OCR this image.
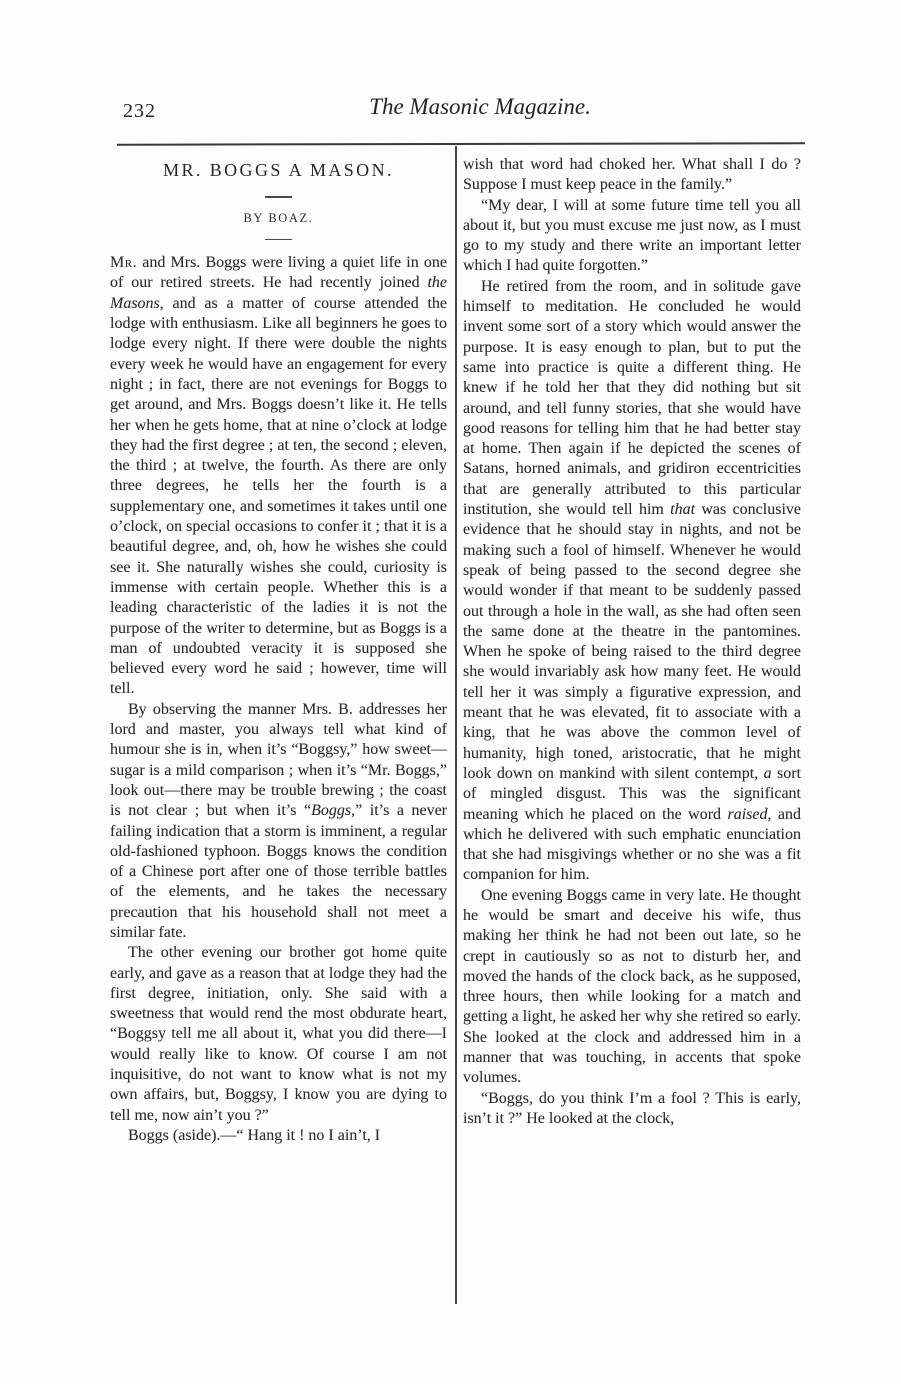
232	The Masonic Magazine.
MR. BOGGS A MASON.
BY BOAZ.

Mr. and Mrs. Boggs were living a quiet life in one of our retired streets. He had recently joined the Masons, and as a matter of course attended the lodge with enthusiasm. Like all beginners he goes to lodge every night. If there were double the nights every week he would have an engagement for every night ; in fact, there are not evenings for Boggs to get around, and Mrs. Boggs doesn’t like it. He tells her when he gets home, that at nine o’clock at lodge they had the first degree ; at ten, the second ; eleven, the third ; at twelve, the fourth. As there are only three degrees, he tells her the fourth is a supplementary one, and sometimes it takes until one o’clock, on special occasions to confer it ; that it is a beautiful degree, and, oh, how he wishes she could see it. She naturally wishes she could, curiosity is immense with certain people. Whether this is a leading characteristic of the ladies it is not the purpose of the writer to determine, but as Boggs is a man of undoubted veracity it is supposed she believed every word he said ; however, time will tell.

By observing the manner Mrs. B. addresses her lord and master, you always tell what kind of humour she is in, when it’s “Boggsy,” how sweet—sugar is a mild comparison ; when it’s “Mr. Boggs,” look out—there may be trouble brewing ; the coast is not clear ; but when it’s “Boggs,” it’s a never failing indication that a storm is imminent, a regular old-fashioned typhoon. Boggs knows the condition of a Chinese port after one of those terrible battles of the elements, and he takes the necessary precaution that his household shall not meet a similar fate.

The other evening our brother got home quite early, and gave as a reason that at lodge they had the first degree, initiation, only. She said with a sweetness that would rend the most obdurate heart, “Boggsy tell me all about it, what you did there—I would really like to know. Of course I am not inquisitive, do not want to know what is not my own affairs, but, Boggsy, I know you are dying to tell me, now ain’t you ?”

Boggs (aside).—“ Hang it ! no I ain’t, I

wish that word had choked her. What shall I do ? Suppose I must keep peace in the family.”

“My dear, I will at some future time tell you all about it, but you must excuse me just now, as I must go to my study and there write an important letter which I had quite forgotten.”

He retired from the room, and in solitude gave himself to meditation. He concluded he would invent some sort of a story which would answer the purpose. It is easy enough to plan, but to put the same into practice is quite a different thing. He knew if he told her that they did nothing but sit around, and tell funny stories, that she would have good reasons for telling him that he had better stay at home. Then again if he depicted the scenes of Satans, horned animals, and gridiron eccentricities that are generally attributed to this particular institution, she would tell him that was conclusive evidence that he should stay in nights, and not be making such a fool of himself. Whenever he would speak of being passed to the second degree she would wonder if that meant to be suddenly passed out through a hole in the wall, as she had often seen the same done at the theatre in the pantomines. When he spoke of being raised to the third degree she would invariably ask how many feet. He would tell her it was simply a figurative expression, and meant that he was elevated, fit to associate with a king, that he was above the common level of humanity, high toned, aristocratic, that he might look down on mankind with silent contempt, a sort of mingled disgust. This was the significant meaning which he placed on the word raised, and which he delivered with such emphatic enunciation that she had misgivings whether or no she was a fit companion for him.

One evening Boggs came in very late. He thought he would be smart and deceive his wife, thus making her think he had not been out late, so he crept in cautiously so as not to disturb her, and moved the hands of the clock back, as he supposed, three hours, then while looking for a match and getting a light, he asked her why she retired so early. She looked at the clock and addressed him in a manner that was touching, in accents that spoke volumes.

“Boggs, do you think I’m a fool ? This is early, isn’t it ?” He looked at the clock,
